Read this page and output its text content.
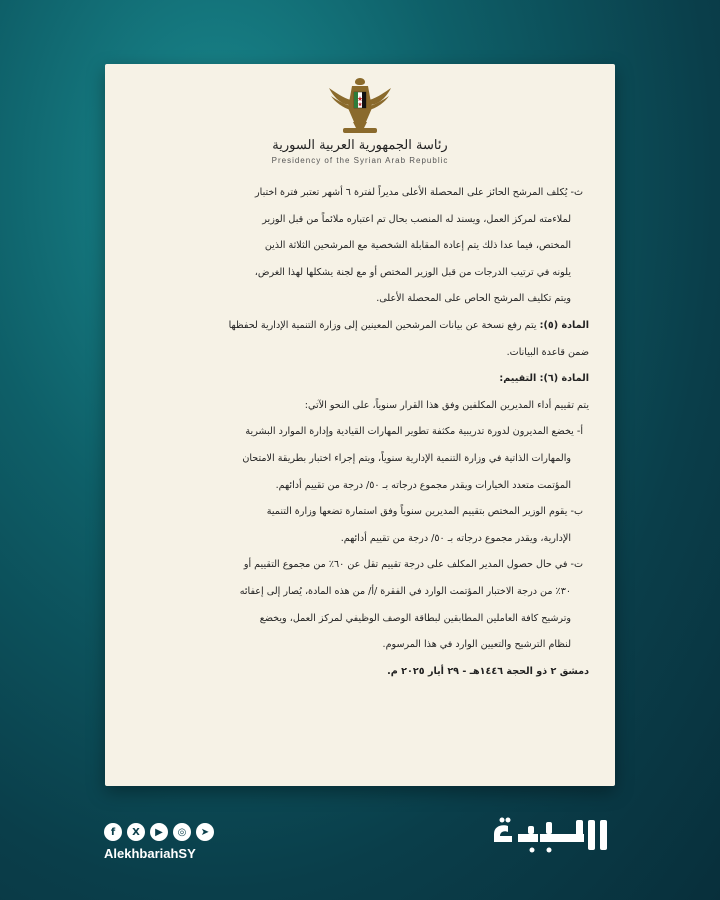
رئاسة الجمهورية العربية السورية
Presidency of the Syrian Arab Republic

ث- يُكلف المرشح الحائز على المحصلة الأعلى مديراً لفترة ٦ أشهر تعتبر فترة اختبار

لملاءمته لمركز العمل، ويسند له المنصب بحال تم اعتباره ملائماً من قبل الوزير

المختص، فيما عدا ذلك يتم إعادة المقابلة الشخصية مع المرشحين الثلاثة الذين

يلونه في ترتيب الدرجات من قبل الوزير المختص أو مع لجنة يشكلها لهذا الغرض،

ويتم تكليف المرشح الحاص على المحصلة الأعلى.

المادة (٥): يتم رفع نسخة عن بيانات المرشحين المعينين إلى وزارة التنمية الإدارية لحفظها

ضمن قاعدة البيانات.

المادة (٦): التقييم:

يتم تقييم أداء المديرين المكلفين وفق هذا القرار سنوياً، على النحو الآتي:

أ- يخضع المديرون لدورة تدريبية مكثفة تطوير المهارات القيادية وإدارة الموارد البشرية

والمهارات الذاتية في وزارة التنمية الإدارية سنوياً، ويتم إجراء اختبار بطريقة الامتحان

المؤتمت متعدد الخيارات ويقدر مجموع درجاته بـ ٥٠/ درجة من تقييم أدائهم.

ب- يقوم الوزير المختص بتقييم المديرين سنوياً وفق استمارة تضعها وزارة التنمية

الإدارية، ويقدر مجموع درجاته بـ ٥٠/ درجة من تقييم أدائهم.

ت- في حال حصول المدير المكلف على درجة تقييم تقل عن ٦٠٪ من مجموع التقييم أو

٣٠٪ من درجة الاختبار المؤتمت الوارد في الفقرة /أ/ من هذه المادة، يُصار إلى إعفائه

وترشيح كافة العاملين المطابقين لبطاقة الوصف الوظيفي لمركز العمل، ويخضع

لنظام الترشيح والتعيين الوارد في هذا المرسوم.

دمشق ٢ ذو الحجة ١٤٤٦هـ - ٢٩ أيار ٢٠٢٥ م.

f	X	▶	◎	➤
AlekhbariahSY
